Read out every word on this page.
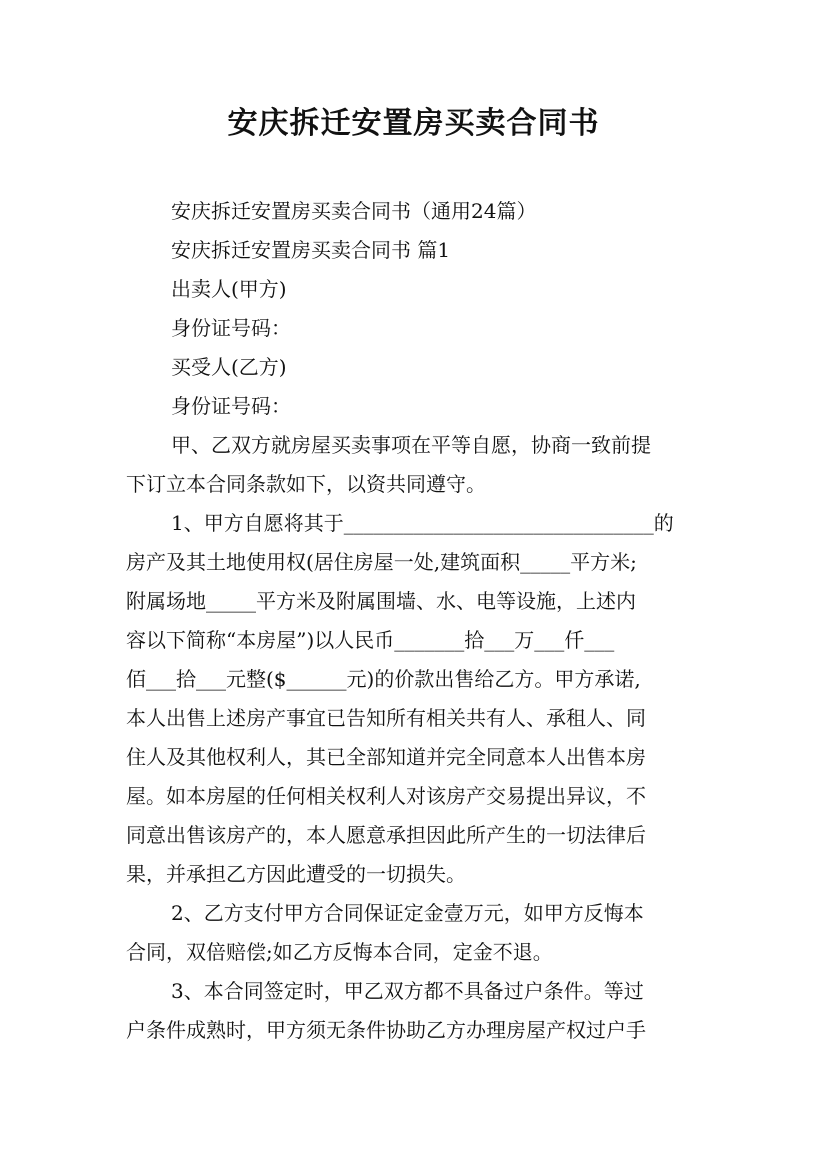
安庆拆迁安置房买卖合同书
安庆拆迁安置房买卖合同书（通用24篇）
安庆拆迁安置房买卖合同书 篇1
出卖人(甲方)
身份证号码：
买受人(乙方)
身份证号码：
甲、乙双方就房屋买卖事项在平等自愿，协商一致前提
下订立本合同条款如下，以资共同遵守。
1、甲方自愿将其于_______________________________的
房产及其土地使用权(居住房屋一处,建筑面积_____平方米;
附属场地_____平方米及附属围墙、水、电等设施，上述内
容以下简称“本房屋”)以人民币_______拾___万___仟___
佰___拾___元整($______元)的价款出售给乙方。甲方承诺,
本人出售上述房产事宜已告知所有相关共有人、承租人、同
住人及其他权利人，其已全部知道并完全同意本人出售本房
屋。如本房屋的任何相关权利人对该房产交易提出异议，不
同意出售该房产的，本人愿意承担因此所产生的一切法律后
果，并承担乙方因此遭受的一切损失。
2、乙方支付甲方合同保证定金壹万元，如甲方反悔本
合同，双倍赔偿;如乙方反悔本合同，定金不退。
3、本合同签定时，甲乙双方都不具备过户条件。等过
户条件成熟时，甲方须无条件协助乙方办理房屋产权过户手
